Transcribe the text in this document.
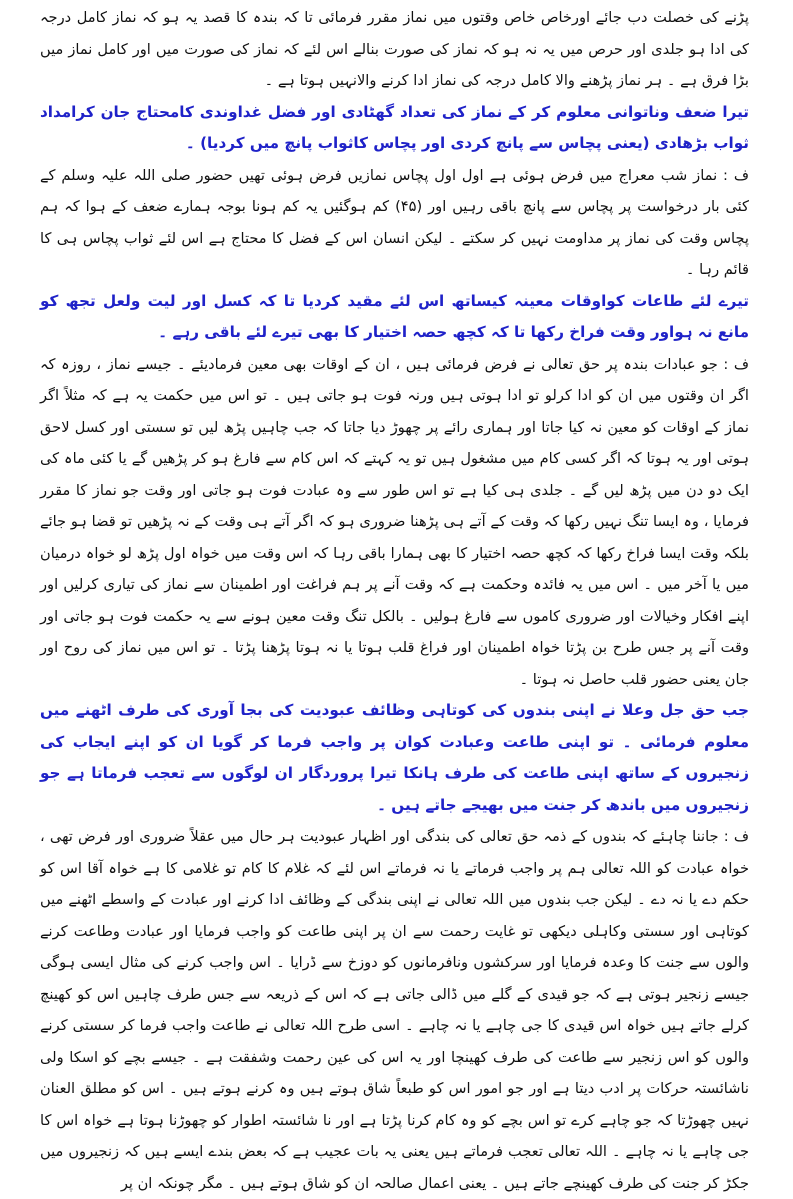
پڑنے کی خصلت دب جائے اورخاص خاص وقتوں میں نماز مقرر فرمائی تا کہ بندہ کا قصد یہ ہو کہ نماز کامل درجہ کی ادا ہو جلدی اور حرص میں یہ نہ ہو کہ نماز کی صورت بنالے اس لئے کہ نماز کی صورت میں اور کامل نماز میں بڑا فرق ہے ۔ ہر نماز پڑھنے والا کامل درجہ کی نماز ادا کرنے والانہیں ہوتا ہے ۔

تیرا ضعف وناتوانی معلوم کر کے نماز کی تعداد گھٹادی اور فضل غداوندی کامحتاج جان کرامداد ثواب بڑھادی (یعنی پچاس سے پانچ کردی اور پچاس کاثواب پانچ میں کردیا) ۔

ف : نماز شب معراج میں فرض ہوئی ہے اول اول پچاس نمازیں فرض ہوئی تھیں حضور صلی اللہ علیہ وسلم کے کئی بار درخواست پر پچاس سے پانچ باقی رہیں اور (۴۵) کم ہوگئیں یہ کم ہونا بوجہ ہمارے ضعف کے ہوا کہ ہم پچاس وقت کی نماز پر مداومت نہیں کر سکتے ۔ لیکن انسان اس کے فضل کا محتاج ہے اس لئے ثواب پچاس ہی کا قائم رہا ۔

تیرے لئے طاعات کواوقات معینہ کیساتھ اس لئے مقید کردیا تا کہ کسل اور لیت ولعل تجھ کو مانع نہ ہواور وقت فراخ رکھا تا کہ کچھ حصہ اختیار کا بھی تیرے لئے باقی رہے ۔

ف : جو عبادات بندہ پر حق تعالی نے فرض فرمائی ہیں ، ان کے اوقات بھی معین فرمادیئے ۔ جیسے نماز ، روزہ کہ اگر ان وقتوں میں ان کو ادا کرلو تو ادا ہوتی ہیں ورنہ فوت ہو جاتی ہیں ۔ تو اس میں حکمت یہ ہے کہ مثلاً اگر نماز کے اوقات کو معین نہ کیا جاتا اور ہماری رائے پر چھوڑ دیا جاتا کہ جب چاہیں پڑھ لیں تو سستی اور کسل لاحق ہوتی اور یہ ہوتا کہ اگر کسی کام میں مشغول ہیں تو یہ کہتے کہ اس کام سے فارغ ہو کر پڑھیں گے یا کئی ماہ کی ایک دو دن میں پڑھ لیں گے ۔ جلدی ہی کیا ہے تو اس طور سے وہ عبادت فوت ہو جاتی اور وقت جو نماز کا مقرر فرمایا ، وہ ایسا تنگ نہیں رکھا کہ وقت کے آتے ہی پڑھنا ضروری ہو کہ اگر آتے ہی وقت کے نہ پڑھیں تو قضا ہو جائے بلکہ وقت ایسا فراخ رکھا کہ کچھ حصہ اختیار کا بھی ہمارا باقی رہا کہ اس وقت میں خواہ اول پڑھ لو خواہ درمیان میں یا آخر میں ۔ اس میں یہ فائدہ وحکمت ہے کہ وقت آنے پر ہم فراغت اور اطمینان سے نماز کی تیاری کرلیں اور اپنے افکار وخیالات اور ضروری کاموں سے فارغ ہولیں ۔ بالکل تنگ وقت معین ہونے سے یہ حکمت فوت ہو جاتی اور وقت آنے پر جس طرح بن پڑتا خواہ اطمینان اور فراغ قلب ہوتا یا نہ ہوتا پڑھنا پڑتا ۔ تو اس میں نماز کی روح اور جان یعنی حضور قلب حاصل نہ ہوتا ۔

جب حق جل وعلا نے اپنی بندوں کی کوتاہی وظائف عبودیت کی بجا آوری کی طرف اٹھنے میں معلوم فرمائی ۔ تو اپنی طاعت وعبادت کوان پر واجب فرما کر گویا ان کو اپنے ایجاب کی زنجیروں کے ساتھ اپنی طاعت کی طرف ہانکا تیرا پروردگار ان لوگوں سے تعجب فرماتا ہے جو زنجیروں میں باندھ کر جنت میں بھیجے جاتے ہیں ۔

ف : جاننا چاہئے کہ بندوں کے ذمہ حق تعالی کی بندگی اور اظہار عبودیت ہر حال میں عقلاً ضروری اور فرض تھی ، خواہ عبادت کو اللہ تعالی ہم پر واجب فرماتے یا نہ فرماتے اس لئے کہ غلام کا کام تو غلامی کا ہے خواہ آقا اس کو حکم دے یا نہ دے ۔ لیکن جب بندوں میں اللہ تعالی نے اپنی بندگی کے وظائف ادا کرنے اور عبادت کے واسطے اٹھنے میں کوتاہی اور سستی وکاہلی دیکھی تو غایت رحمت سے ان پر اپنی طاعت کو واجب فرمایا اور عبادت وطاعت کرنے والوں سے جنت کا وعدہ فرمایا اور سرکشوں ونافرمانوں کو دوزخ سے ڈرایا ۔ اس واجب کرنے کی مثال ایسی ہوگی جیسے زنجیر ہوتی ہے کہ جو قیدی کے گلے میں ڈالی جاتی ہے کہ اس کے ذریعہ سے جس طرف چاہیں اس کو کھینچ کرلے جاتے ہیں خواہ اس قیدی کا جی چاہے یا نہ چاہے ۔ اسی طرح اللہ تعالی نے طاعت واجب فرما کر سستی کرنے والوں کو اس زنجیر سے طاعت کی طرف کھینچا اور یہ اس کی عین رحمت وشفقت ہے ۔ جیسے بچے کو اسکا ولی ناشائستہ حرکات پر ادب دیتا ہے اور جو امور اس کو طبعاً شاق ہوتے ہیں وہ کرنے ہوتے ہیں ۔ اس کو مطلق العنان نہیں چھوڑتا کہ جو چاہے کرے تو اس بچے کو وہ کام کرنا پڑتا ہے اور نا شائستہ اطوار کو چھوڑنا ہوتا ہے خواہ اس کا جی چاہے یا نہ چاہے ۔ اللہ تعالی تعجب فرماتے ہیں یعنی یہ بات عجیب ہے کہ بعض بندے ایسے ہیں کہ زنجیروں میں جکڑ کر جنت کی طرف کھینچے جاتے ہیں ۔ یعنی اعمال صالحہ ان کو شاق ہوتے ہیں ۔ مگر چونکہ ان پر
